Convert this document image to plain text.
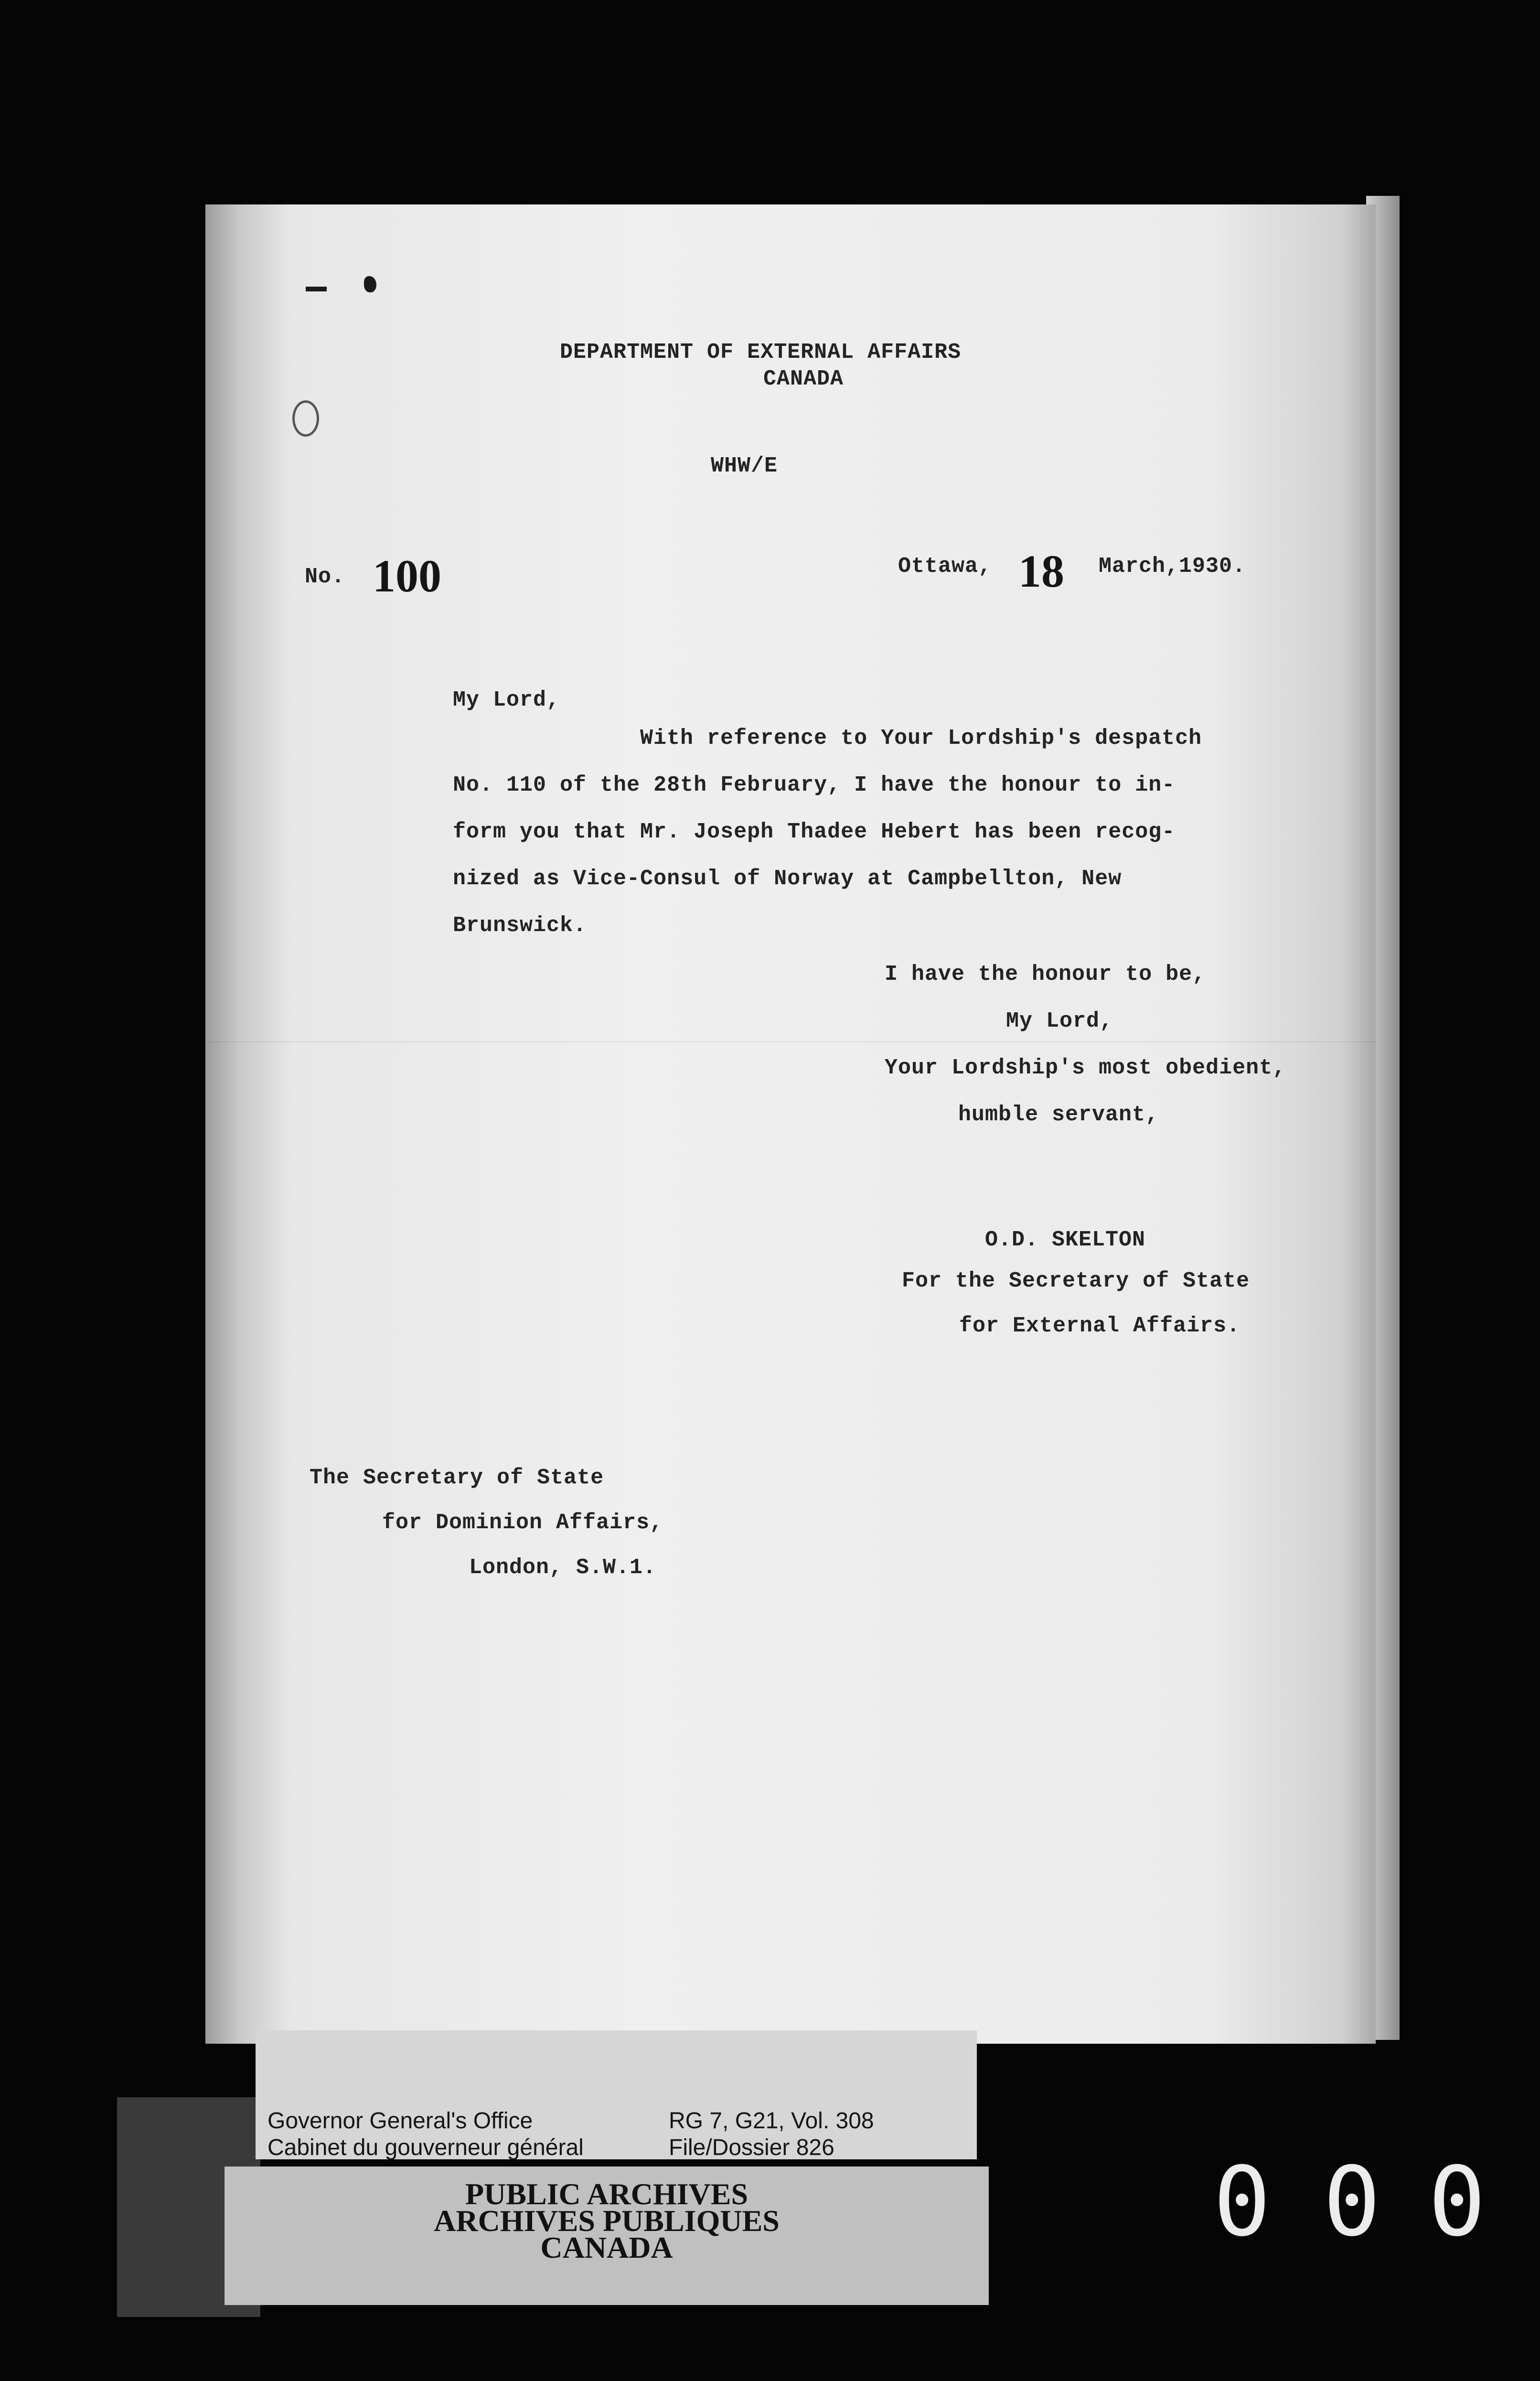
DEPARTMENT OF EXTERNAL AFFAIRS
CANADA
WHW/E
No. 100	Ottawa, 18 March,1930.
My Lord,
With reference to Your Lordship's despatch
No. 110 of the 28th February, I have the honour to in-
form you that Mr. Joseph Thadee Hebert has been recog-
nized as Vice-Consul of Norway at Campbellton, New
Brunswick.
I have the honour to be,
My Lord,
Your Lordship's most obedient,
humble servant,
O.D. SKELTON
For the Secretary of State
for External Affairs.
The Secretary of State
for Dominion Affairs,
London, S.W.1.
Governor General's Office
Cabinet du gouverneur général
RG 7, G21, Vol. 308
File/Dossier 826
PUBLIC ARCHIVES
ARCHIVES PUBLIQUES
CANADA	0 0 0
